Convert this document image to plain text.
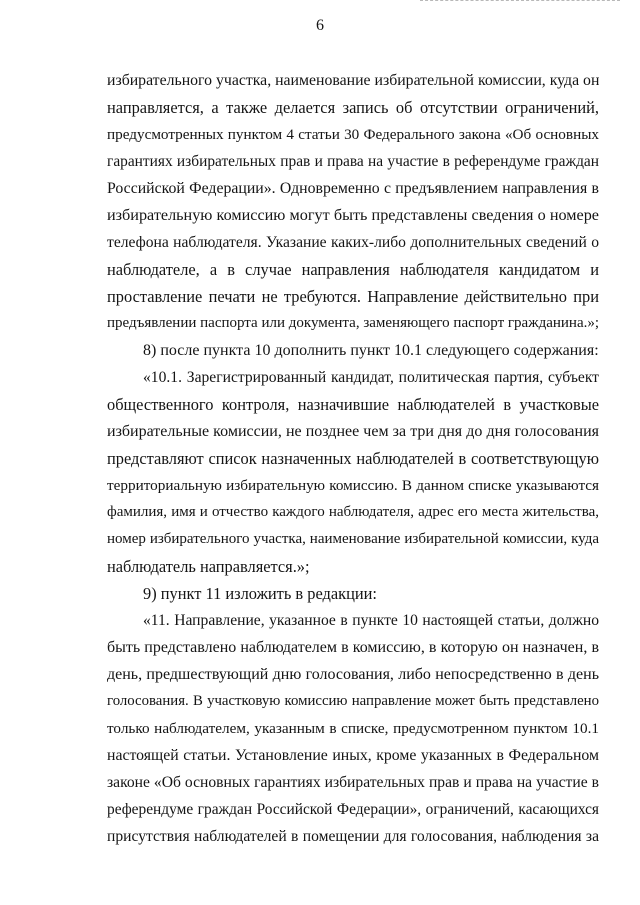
6
избирательного участка, наименование избирательной комиссии, куда он
направляется, а также делается запись об отсутствии ограничений,
предусмотренных пунктом 4 статьи 30 Федерального закона «Об основных
гарантиях избирательных прав и права на участие в референдуме граждан
Российской Федерации». Одновременно с предъявлением направления в
избирательную комиссию могут быть представлены сведения о номере
телефона наблюдателя. Указание каких-либо дополнительных сведений о
наблюдателе, а в случае направления наблюдателя кандидатом и
проставление печати не требуются. Направление действительно при
предъявлении паспорта или документа, заменяющего паспорт гражданина.»;
8) после пункта 10 дополнить пункт 10.1 следующего содержания:
«10.1. Зарегистрированный кандидат, политическая партия, субъект
общественного контроля, назначившие наблюдателей в участковые
избирательные комиссии, не позднее чем за три дня до дня голосования
представляют список назначенных наблюдателей в соответствующую
территориальную избирательную комиссию. В данном списке указываются
фамилия, имя и отчество каждого наблюдателя, адрес его места жительства,
номер избирательного участка, наименование избирательной комиссии, куда
наблюдатель направляется.»;
9) пункт 11 изложить в редакции:
«11. Направление, указанное в пункте 10 настоящей статьи, должно
быть представлено наблюдателем в комиссию, в которую он назначен, в
день, предшествующий дню голосования, либо непосредственно в день
голосования. В участковую комиссию направление может быть представлено
только наблюдателем, указанным в списке, предусмотренном пунктом 10.1
настоящей статьи. Установление иных, кроме указанных в Федеральном
законе «Об основных гарантиях избирательных прав и права на участие в
референдуме граждан Российской Федерации», ограничений, касающихся
присутствия наблюдателей в помещении для голосования, наблюдения за
